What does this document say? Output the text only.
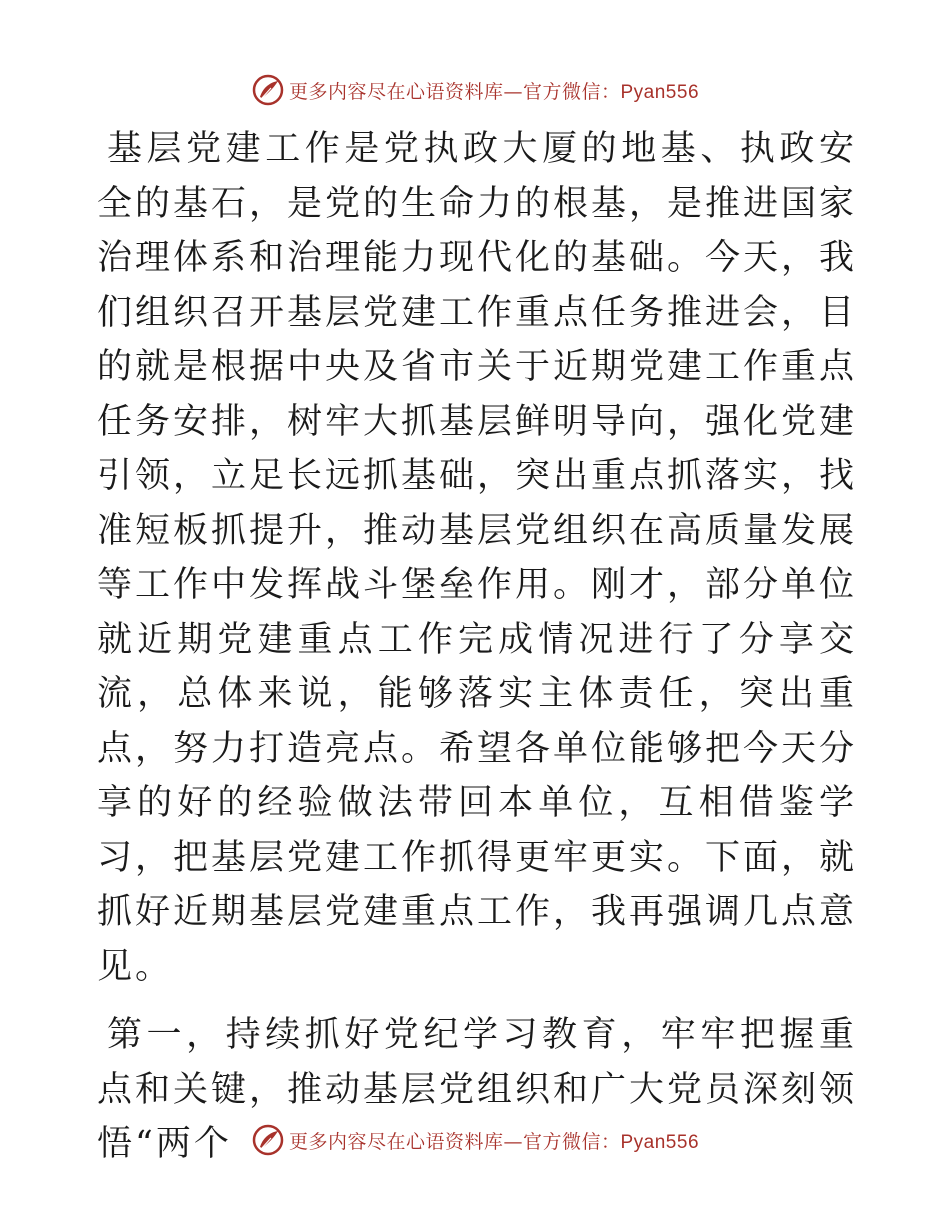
更多内容尽在心语资料库—官方微信：Pyan556

基层党建工作是党执政大厦的地基、执政安全的基石，是党的生命力的根基，是推进国家治理体系和治理能力现代化的基础。今天，我们组织召开基层党建工作重点任务推进会，目的就是根据中央及省市关于近期党建工作重点任务安排，树牢大抓基层鲜明导向，强化党建引领，立足长远抓基础，突出重点抓落实，找准短板抓提升，推动基层党组织在高质量发展等工作中发挥战斗堡垒作用。刚才，部分单位就近期党建重点工作完成情况进行了分享交流，总体来说，能够落实主体责任，突出重点，努力打造亮点。希望各单位能够把今天分享的好的经验做法带回本单位，互相借鉴学习，把基层党建工作抓得更牢更实。下面，就抓好近期基层党建重点工作，我再强调几点意见。

第一，持续抓好党纪学习教育，牢牢把握重点和关键，推动基层党组织和广大党员深刻领悟“两个	更多内容尽在心语资料库—官方微信：Pyan556
